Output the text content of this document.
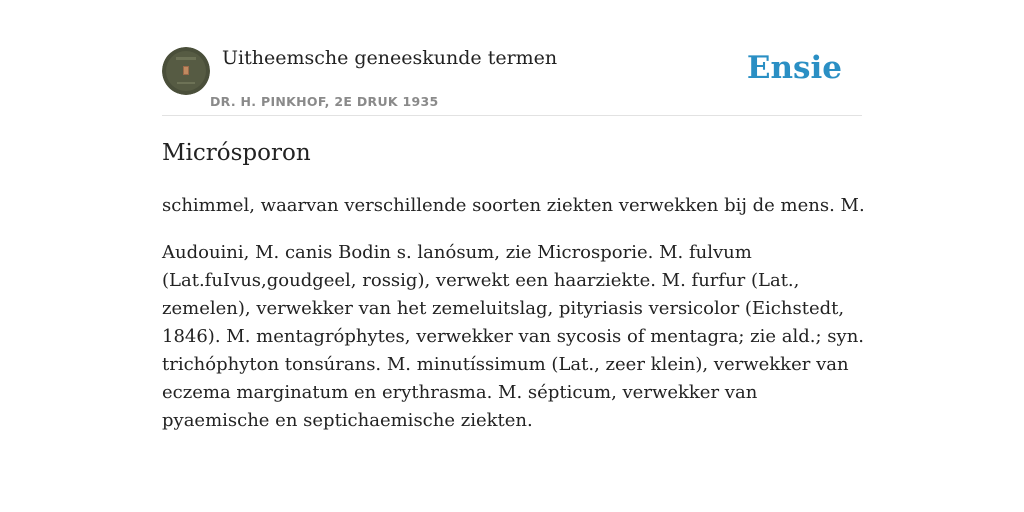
Uitheemsche geneeskunde termen
DR. H. PINKHOF, 2E DRUK 1935
Ensie
Micrósporon

schimmel, waarvan verschillende soorten ziekten verwekken bij de mens. M.

Audouini, M. canis Bodin s. lanósum, zie Microsporie. M. fulvum (Lat.fuIvus,goudgeel, rossig), verwekt een haarziekte. M. furfur (Lat., zemelen), verwekker van het zemeluitslag, pityriasis versicolor (Eichstedt, 1846). M. mentagróphytes, verwekker van sycosis of mentagra; zie ald.; syn. trichóphyton tonsúrans. M. minutíssimum (Lat., zeer klein), verwekker van eczema marginatum en erythrasma. M. sépticum, verwekker van pyaemische en septichaemische ziekten.
